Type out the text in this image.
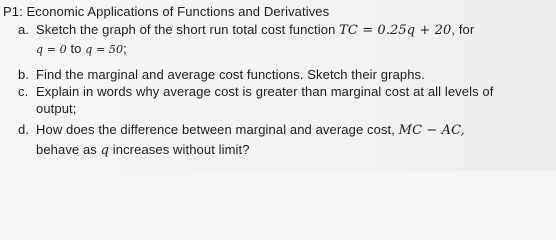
P1: Economic Applications of Functions and Derivatives
a. Sketch the graph of the short run total cost function TC = 0.25q + 20, for
q = 0 to q = 50;
b. Find the marginal and average cost functions. Sketch their graphs.
c. Explain in words why average cost is greater than marginal cost at all levels of
output;
d. How does the difference between marginal and average cost, MC − AC,
behave as q increases without limit?
